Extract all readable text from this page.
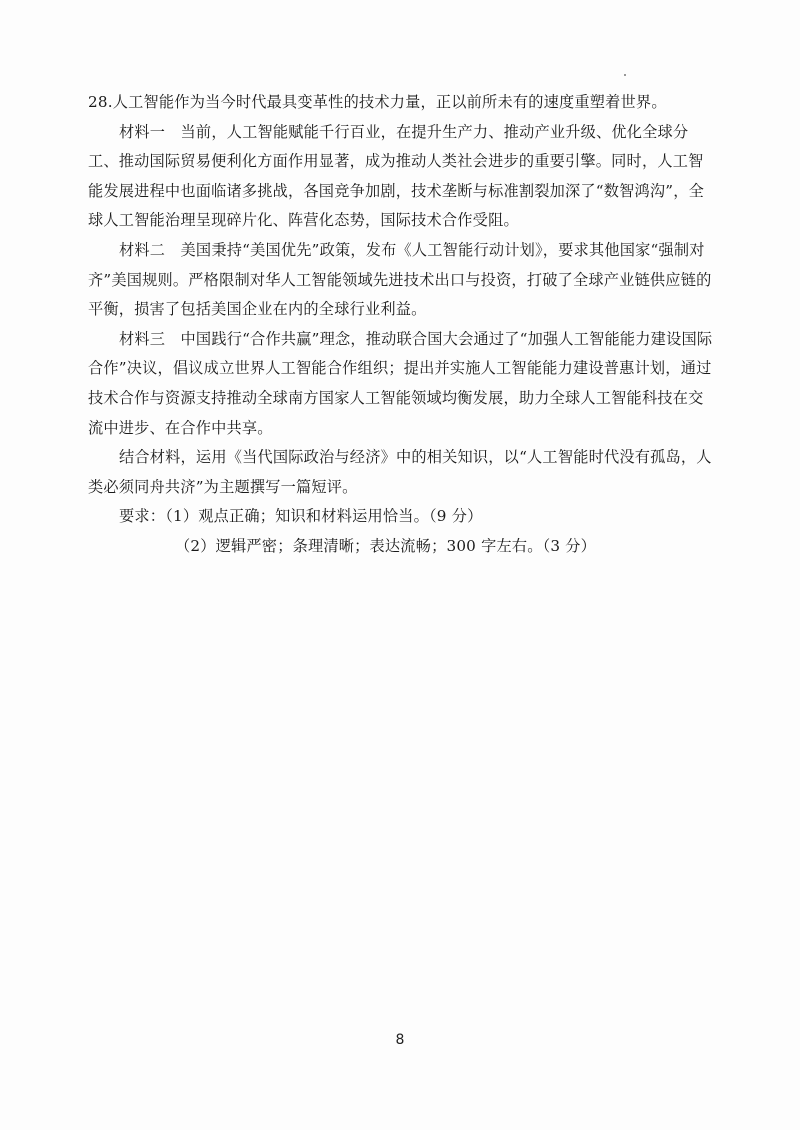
28.人工智能作为当今时代最具变革性的技术力量，正以前所未有的速度重塑着世界。

材料一　当前，人工智能赋能千行百业，在提升生产力、推动产业升级、优化全球分工、推动国际贸易便利化方面作用显著，成为推动人类社会进步的重要引擎。同时，人工智能发展进程中也面临诸多挑战，各国竞争加剧，技术垄断与标准割裂加深了“数智鸿沟”，全球人工智能治理呈现碎片化、阵营化态势，国际技术合作受阻。

材料二　美国秉持“美国优先”政策，发布《人工智能行动计划》，要求其他国家“强制对齐”美国规则。严格限制对华人工智能领域先进技术出口与投资，打破了全球产业链供应链的平衡，损害了包括美国企业在内的全球行业利益。

材料三　中国践行“合作共赢”理念，推动联合国大会通过了“加强人工智能能力建设国际合作”决议，倡议成立世界人工智能合作组织；提出并实施人工智能能力建设普惠计划，通过技术合作与资源支持推动全球南方国家人工智能领域均衡发展，助力全球人工智能科技在交流中进步、在合作中共享。

结合材料，运用《当代国际政治与经济》中的相关知识，以“人工智能时代没有孤岛，人类必须同舟共济”为主题撰写一篇短评。

要求：（1）观点正确；知识和材料运用恰当。（9 分）

（2）逻辑严密；条理清晰；表达流畅；300 字左右。（3 分）

8
